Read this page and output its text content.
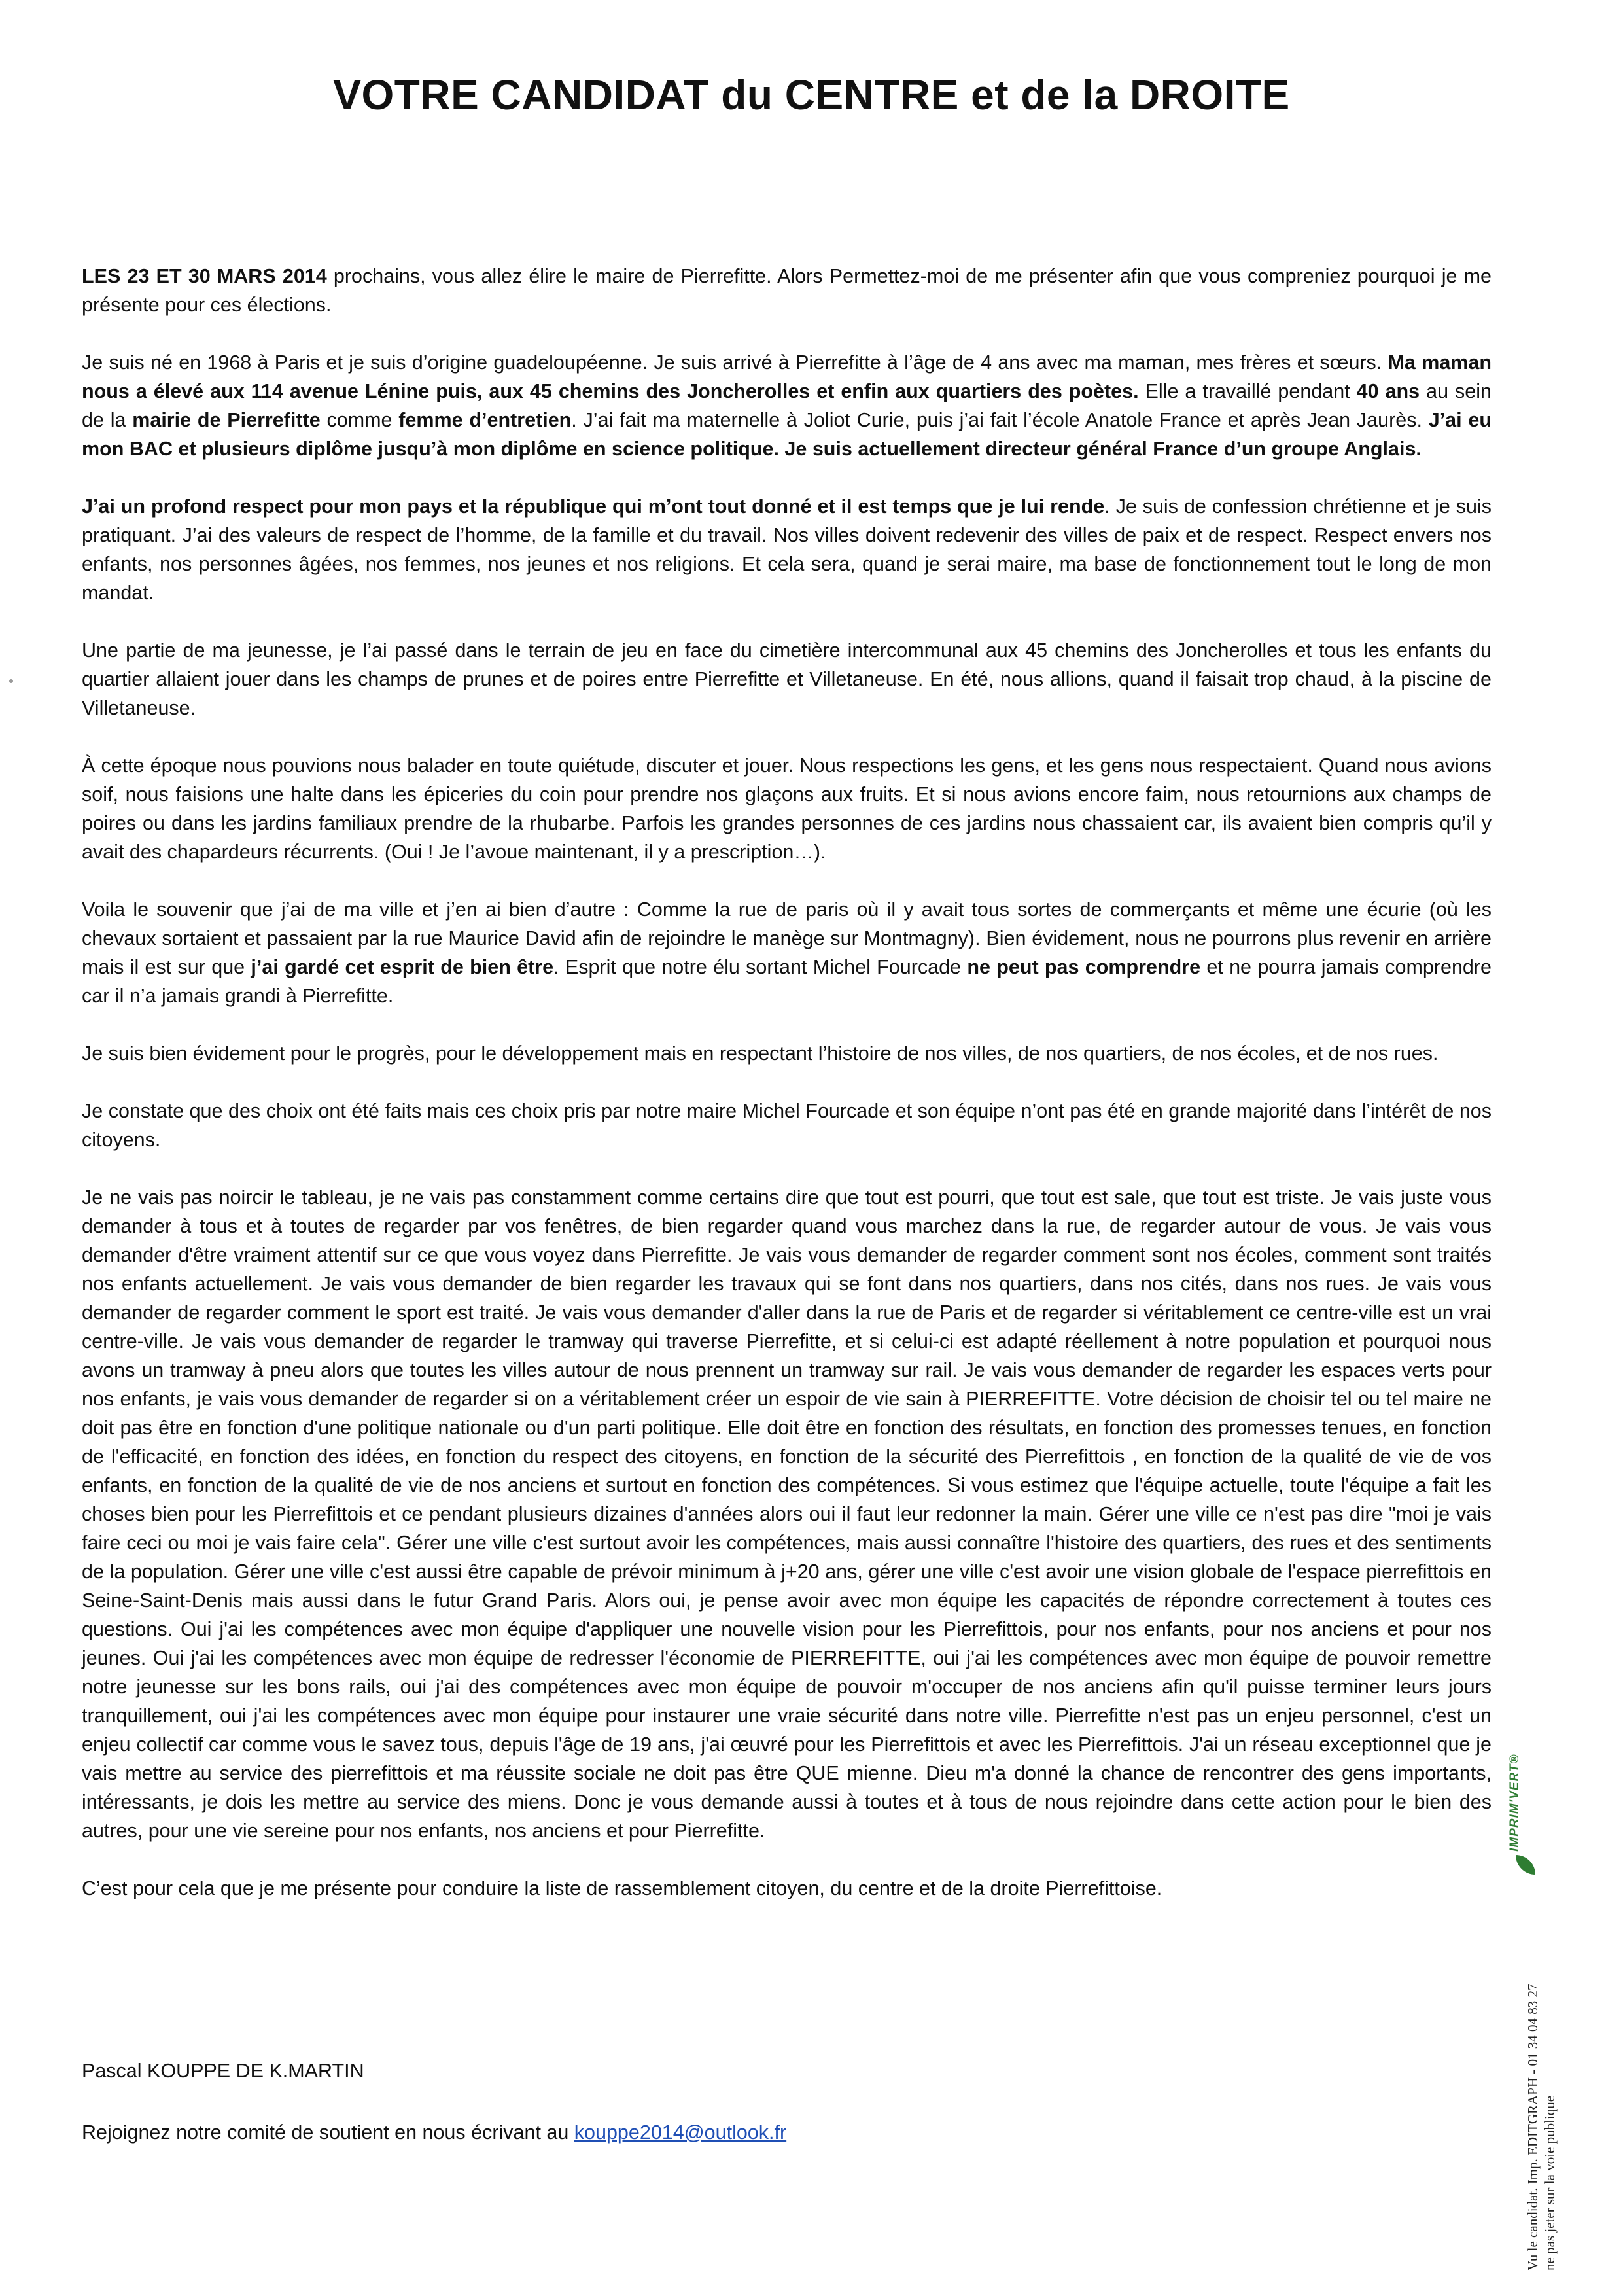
VOTRE CANDIDAT du CENTRE et de la DROITE

LES 23 ET 30 MARS 2014 prochains, vous allez élire le maire de Pierrefitte. Alors Permettez-moi de me présenter afin que vous compreniez pourquoi je me présente pour ces élections.

Je suis né en 1968 à Paris et je suis d’origine guadeloupéenne. Je suis arrivé à Pierrefitte à l’âge de 4 ans avec ma maman, mes frères et sœurs. Ma maman nous a élevé aux 114 avenue Lénine puis, aux 45 chemins des Joncherolles et enfin aux quartiers des poètes. Elle a travaillé pendant 40 ans au sein de la mairie de Pierrefitte comme femme d’entretien. J’ai fait ma maternelle à Joliot Curie, puis j’ai fait l’école Anatole France et après Jean Jaurès. J’ai eu mon BAC et plusieurs diplôme jusqu’à mon diplôme en science politique. Je suis actuellement directeur général France d’un groupe Anglais.

J’ai un profond respect pour mon pays et la république qui m’ont tout donné et il est temps que je lui rende. Je suis de confession chrétienne et je suis pratiquant. J’ai des valeurs de respect de l’homme, de la famille et du travail. Nos villes doivent redevenir des villes de paix et de respect. Respect envers nos enfants, nos personnes âgées, nos femmes, nos jeunes et nos religions. Et cela sera, quand je serai maire, ma base de fonctionnement tout le long de mon mandat.

Une partie de ma jeunesse, je l’ai passé dans le terrain de jeu en face du cimetière intercommunal aux 45 chemins des Joncherolles et tous les enfants du quartier allaient jouer dans les champs de prunes et de poires entre Pierrefitte et Villetaneuse. En été, nous allions, quand il faisait trop chaud, à la piscine de Villetaneuse.

À cette époque nous pouvions nous balader en toute quiétude, discuter et jouer. Nous respections les gens, et les gens nous respectaient. Quand nous avions soif, nous faisions une halte dans les épiceries du coin pour prendre nos glaçons aux fruits. Et si nous avions encore faim, nous retournions aux champs de poires ou dans les jardins familiaux prendre de la rhubarbe. Parfois les grandes personnes de ces jardins nous chassaient car, ils avaient bien compris qu’il y avait des chapardeurs récurrents. (Oui ! Je l’avoue maintenant, il y a prescription…).

Voila le souvenir que j’ai de ma ville et j’en ai bien d’autre : Comme la rue de paris où il y avait tous sortes de commerçants et même une écurie (où les chevaux sortaient et passaient par la rue Maurice David afin de rejoindre le manège sur Montmagny). Bien évidement, nous ne pourrons plus revenir en arrière mais il est sur que j’ai gardé cet esprit de bien être. Esprit que notre élu sortant Michel Fourcade ne peut pas comprendre et ne pourra jamais comprendre car il n’a jamais grandi à Pierrefitte.

Je suis bien évidement pour le progrès, pour le développement mais en respectant l’histoire de nos villes, de nos quartiers, de nos écoles, et de nos rues.

Je constate que des choix ont été faits mais ces choix pris par notre maire Michel Fourcade et son équipe n’ont pas été en grande majorité dans l’intérêt de nos citoyens.

Je ne vais pas noircir le tableau, je ne vais pas constamment comme certains dire que tout est pourri, que tout est sale, que tout est triste. Je vais juste vous demander à tous et à toutes de regarder par vos fenêtres, de bien regarder quand vous marchez dans la rue, de regarder autour de vous. Je vais vous demander d'être vraiment attentif sur ce que vous voyez dans Pierrefitte. Je vais vous demander de regarder comment sont nos écoles, comment sont traités nos enfants actuellement. Je vais vous demander de bien regarder les travaux qui se font dans nos quartiers, dans nos cités, dans nos rues. Je vais vous demander de regarder comment le sport est traité. Je vais vous demander d'aller dans la rue de Paris et de regarder si véritablement ce centre-ville est un vrai centre-ville. Je vais vous demander de regarder le tramway qui traverse Pierrefitte, et si celui-ci est adapté réellement à notre population et pourquoi nous avons un tramway à pneu alors que toutes les villes autour de nous prennent un tramway sur rail. Je vais vous demander de regarder les espaces verts pour nos enfants, je vais vous demander de regarder si on a véritablement créer un espoir de vie sain à PIERREFITTE. Votre décision de choisir tel ou tel maire ne doit pas être en fonction d'une politique nationale ou d'un parti politique. Elle doit être en fonction des résultats, en fonction des promesses tenues, en fonction de l'efficacité, en fonction des idées, en fonction du respect des citoyens, en fonction de la sécurité des Pierrefittois , en fonction de la qualité de vie de vos enfants, en fonction de la qualité de vie de nos anciens et surtout en fonction des compétences. Si vous estimez que l'équipe actuelle, toute l'équipe a fait les choses bien pour les Pierrefittois et ce pendant plusieurs dizaines d'années alors oui il faut leur redonner la main. Gérer une ville ce n'est pas dire "moi je vais faire ceci ou moi je vais faire cela". Gérer une ville c'est surtout avoir les compétences, mais aussi connaître l'histoire des quartiers, des rues et des sentiments de la population. Gérer une ville c'est aussi être capable de prévoir minimum à j+20 ans, gérer une ville c'est avoir une vision globale de l'espace pierrefittois en Seine-Saint-Denis mais aussi dans le futur Grand Paris. Alors oui, je pense avoir avec mon équipe les capacités de répondre correctement à toutes ces questions. Oui j'ai les compétences avec mon équipe d'appliquer une nouvelle vision pour les Pierrefittois, pour nos enfants, pour nos anciens et pour nos jeunes. Oui j'ai les compétences avec mon équipe de redresser l'économie de PIERREFITTE, oui j'ai les compétences avec mon équipe de pouvoir remettre notre jeunesse sur les bons rails, oui j'ai des compétences avec mon équipe de pouvoir m'occuper de nos anciens afin qu'il puisse terminer leurs jours tranquillement, oui j'ai les compétences avec mon équipe pour instaurer une vraie sécurité dans notre ville. Pierrefitte n'est pas un enjeu personnel, c'est un enjeu collectif car comme vous le savez tous, depuis l'âge de 19 ans, j'ai œuvré pour les Pierrefittois et avec les Pierrefittois. J'ai un réseau exceptionnel que je vais mettre au service des pierrefittois et ma réussite sociale ne doit pas être QUE mienne. Dieu m'a donné la chance de rencontrer des gens importants, intéressants, je dois les mettre au service des miens. Donc je vous demande aussi à toutes et à tous de nous rejoindre dans cette action pour le bien des autres, pour une vie sereine pour nos enfants, nos anciens et pour Pierrefitte.

C’est pour cela que je me présente pour conduire la liste de rassemblement citoyen, du centre et de la droite Pierrefittoise.

Pascal KOUPPE DE K.MARTIN
Rejoignez notre comité de soutient en nous écrivant au kouppe2014@outlook.fr
IMPRIM'VERT®
Vu le candidat. Imp. EDITGRAPH - 01 34 04 83 27 ne pas jeter sur la voie publique
